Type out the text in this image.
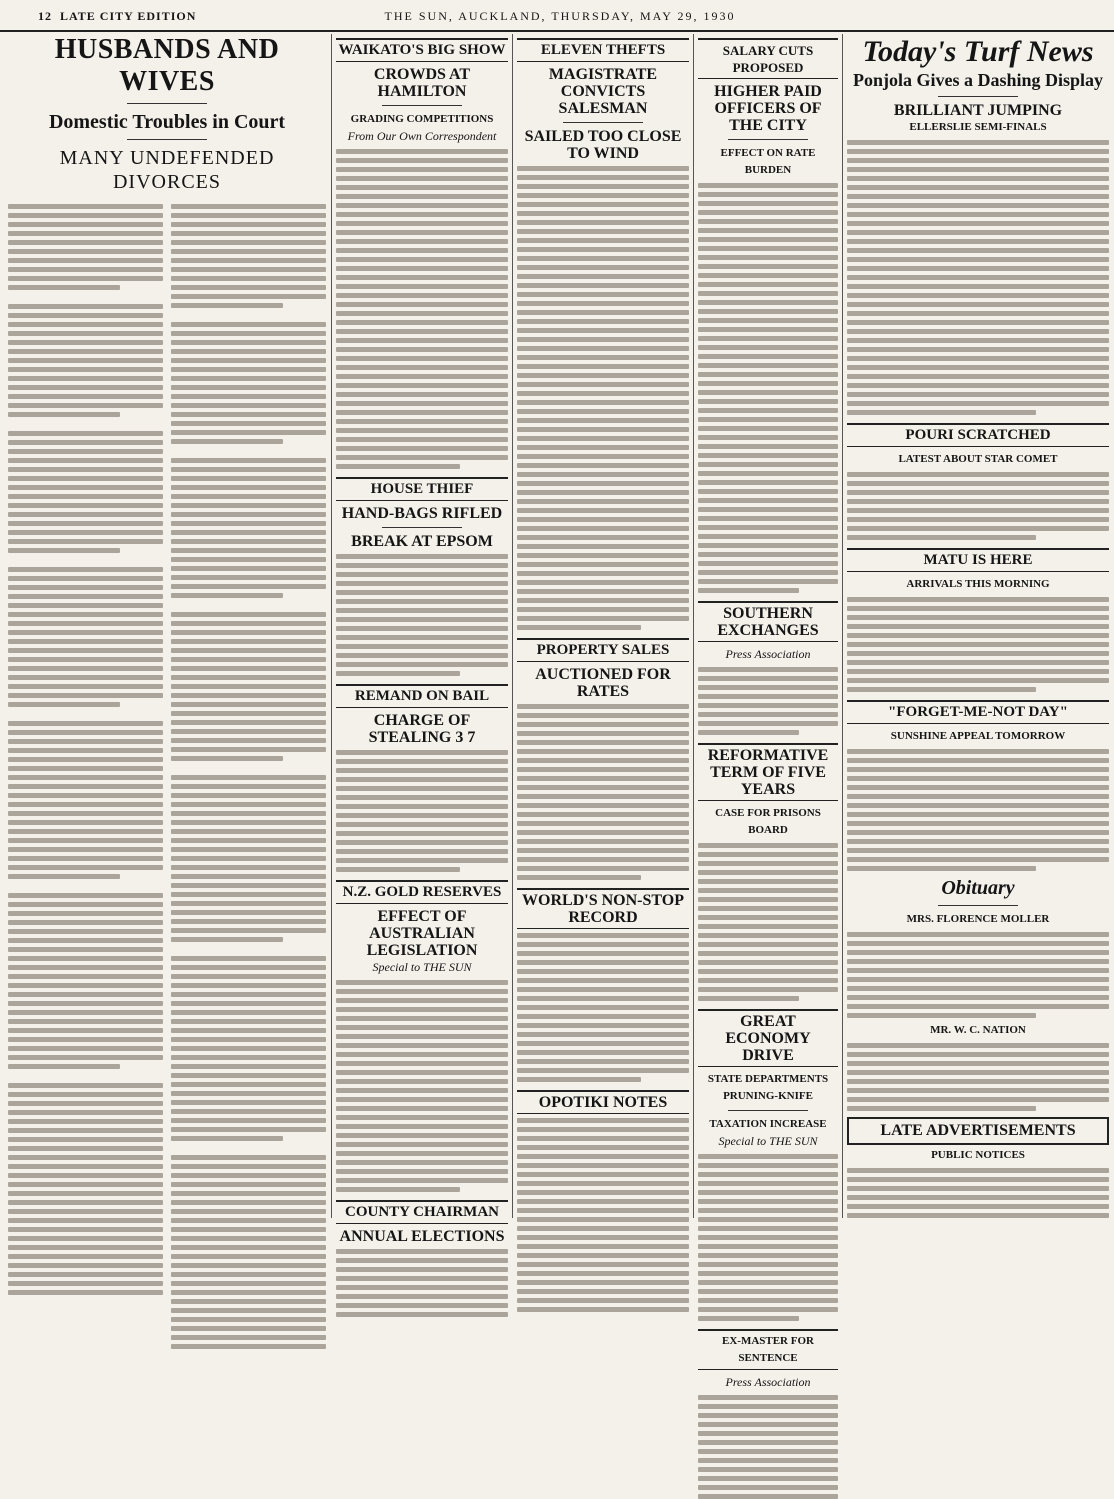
12 LATE CITY EDITION	THE SUN, AUCKLAND, THURSDAY, MAY 29, 1930
HUSBANDS AND WIVES
Domestic Troubles in Court
MANY UNDEFENDED DIVORCES
WAIKATO'S BIG SHOW
CROWDS AT HAMILTON
GRADING COMPETITIONS
From Our Own Correspondent
HOUSE THIEF
HAND-BAGS RIFLED
BREAK AT EPSOM
REMAND ON BAIL
CHARGE OF STEALING 3 7
N.Z. GOLD RESERVES
EFFECT OF AUSTRALIAN LEGISLATION
Special to THE SUN
COUNTY CHAIRMAN
ANNUAL ELECTIONS
ELEVEN THEFTS
MAGISTRATE CONVICTS SALESMAN
SAILED TOO CLOSE TO WIND
PROPERTY SALES
AUCTIONED FOR RATES
WORLD'S NON-STOP RECORD
OPOTIKI NOTES
SALARY CUTS PROPOSED
HIGHER PAID OFFICERS OF THE CITY
EFFECT ON RATE BURDEN
SOUTHERN EXCHANGES
Press Association
REFORMATIVE TERM OF FIVE YEARS
CASE FOR PRISONS BOARD
GREAT ECONOMY DRIVE
STATE DEPARTMENTS PRUNING-KNIFE
TAXATION INCREASE
Special to THE SUN
EX-MASTER FOR SENTENCE
Press Association
Today's Turf News
Ponjola Gives a Dashing Display
BRILLIANT JUMPING
ELLERSLIE SEMI-FINALS
POURI SCRATCHED
LATEST ABOUT STAR COMET
MATU IS HERE
ARRIVALS THIS MORNING
"FORGET-ME-NOT DAY"
SUNSHINE APPEAL TOMORROW
Obituary
MRS. FLORENCE MOLLER
MR. W. C. NATION
LATE ADVERTISEMENTS
PUBLIC NOTICES
